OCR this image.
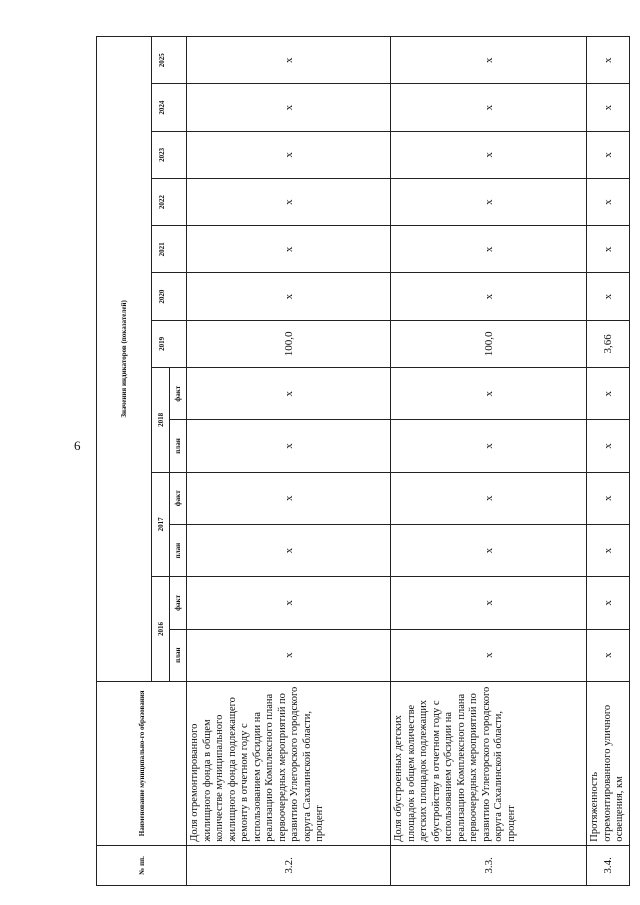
6
№ пп.	Наименование муниципально-го образования	Значения индикаторов (показателей)												
		2016		2017		2018		2019	2020	2021	2022	2023	2024	2025
		план	факт	план	факт	план	факт							

3.2.	Доля отремонтированного жилищного фонда в общем количестве муниципального жилищного фонда подлежащего ремонту в отчетном году с использованием субсидии на реализацию Комплексного плана первоочередных мероприятий по развитию Углегорского городского округа Сахалинской области, процент	x	x	x	x	x	x	100,0	x	x	x	x	x	x
3.3.	Доля обустроенных детских площадок в общем количестве детских площадок подлежащих обустройству в отчетном году с использованием субсидии на реализацию Комплексного плана первоочередных мероприятий по развитию Углегорского городского округа Сахалинской области, процент	x	x	x	x	x	x	100,0	x	x	x	x	x	x
3.4.	Протяженность отремонтированного уличного освещения, км	x	x	x	x	x	x	3,66	x	x	x	x	x	x
